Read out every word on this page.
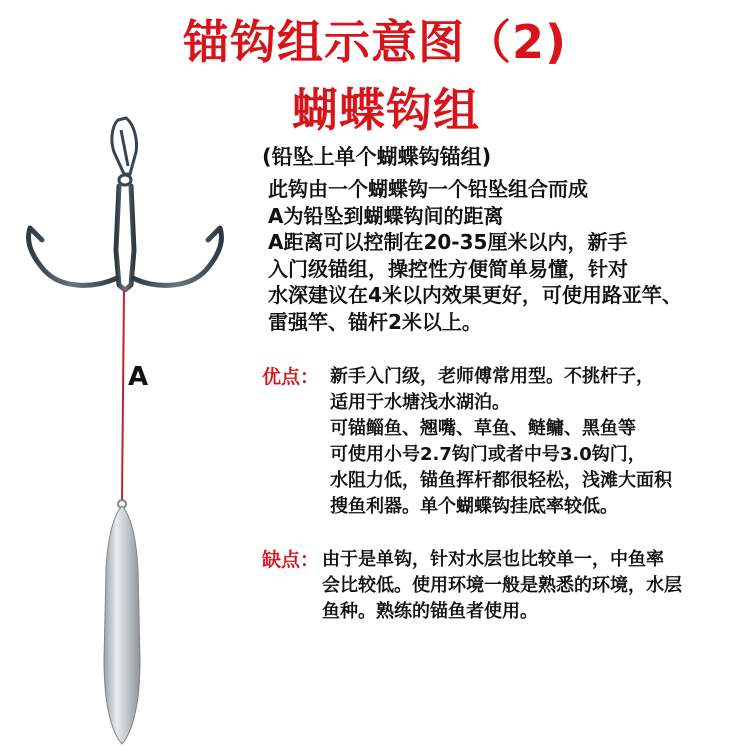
锚钩组示意图（2)
蝴蝶钩组
A
(铅坠上单个蝴蝶钩锚组)
此钩由一个蝴蝶钩一个铅坠组合而成
A为铅坠到蝴蝶钩间的距离
A距离可以控制在20-35厘米以内，新手
入门级锚组，操控性方便简单易懂，针对
水深建议在4米以内效果更好，可使用路亚竿、
雷强竿、锚杆2米以上。
优点： 新手入门级，老师傅常用型。不挑杆子，
适用于水塘浅水湖泊。
可锚鲻鱼、翘嘴、草鱼、鲢鳙、黑鱼等
可使用小号2.7钩门或者中号3.0钩门，
水阻力低，锚鱼挥杆都很轻松，浅滩大面积
搜鱼利器。单个蝴蝶钩挂底率较低。
缺点： 由于是单钩，针对水层也比较单一，中鱼率
会比较低。使用环境一般是熟悉的环境，水层
鱼种。熟练的锚鱼者使用。
